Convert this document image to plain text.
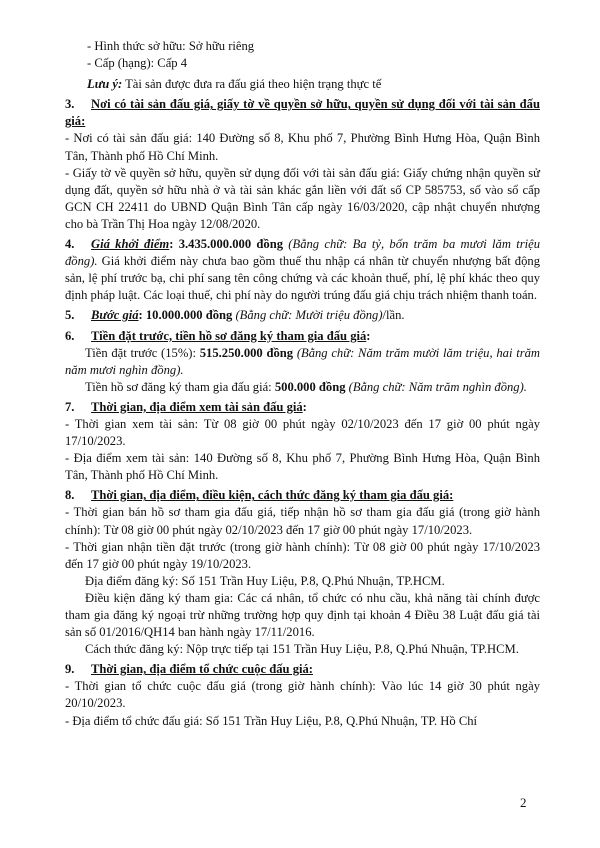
- Hình thức sở hữu: Sở hữu riêng

- Cấp (hạng): Cấp 4

Lưu ý: Tài sản được đưa ra đấu giá theo hiện trạng thực tế

3. Nơi có tài sản đấu giá, giấy tờ về quyền sở hữu, quyền sử dụng đối với tài sản đấu giá:

- Nơi có tài sản đấu giá: 140 Đường số 8, Khu phố 7, Phường Bình Hưng Hòa, Quận Bình Tân, Thành phố Hồ Chí Minh.

- Giấy tờ về quyền sở hữu, quyền sử dụng đối với tài sản đấu giá: Giấy chứng nhận quyền sử dụng đất, quyền sở hữu nhà ở và tài sản khác gắn liền với đất số CP 585753, số vào sổ cấp GCN CH 22411 do UBND Quận Bình Tân cấp ngày 16/03/2020, cập nhật chuyển nhượng cho bà Trần Thị Hoa ngày 12/08/2020.

4. Giá khởi điểm: 3.435.000.000 đồng (Bằng chữ: Ba tỷ, bốn trăm ba mươi lăm triệu đồng). Giá khởi điểm này chưa bao gồm thuế thu nhập cá nhân từ chuyển nhượng bất động sản, lệ phí trước bạ, chi phí sang tên công chứng và các khoản thuế, phí, lệ phí khác theo quy định pháp luật. Các loại thuế, chi phí này do người trúng đấu giá chịu trách nhiệm thanh toán.

5. Bước giá: 10.000.000 đồng (Bằng chữ: Mười triệu đồng)/lần.

6. Tiền đặt trước, tiền hồ sơ đăng ký tham gia đấu giá:

Tiền đặt trước (15%): 515.250.000 đồng (Bằng chữ: Năm trăm mười lăm triệu, hai trăm năm mươi nghìn đồng).

Tiền hồ sơ đăng ký tham gia đấu giá: 500.000 đồng (Bằng chữ: Năm trăm nghìn đồng).

7. Thời gian, địa điểm xem tài sản đấu giá:

- Thời gian xem tài sản: Từ 08 giờ 00 phút ngày 02/10/2023 đến 17 giờ 00 phút ngày 17/10/2023.

- Địa điểm xem tài sản: 140 Đường số 8, Khu phố 7, Phường Bình Hưng Hòa, Quận Bình Tân, Thành phố Hồ Chí Minh.

8. Thời gian, địa điểm, điều kiện, cách thức đăng ký tham gia đấu giá:

- Thời gian bán hồ sơ tham gia đấu giá, tiếp nhận hồ sơ tham gia đấu giá (trong giờ hành chính): Từ 08 giờ 00 phút ngày 02/10/2023 đến 17 giờ 00 phút ngày 17/10/2023.

- Thời gian nhận tiền đặt trước (trong giờ hành chính): Từ 08 giờ 00 phút ngày 17/10/2023 đến 17 giờ 00 phút ngày 19/10/2023.

Địa điểm đăng ký: Số 151 Trần Huy Liệu, P.8, Q.Phú Nhuận, TP.HCM.

Điều kiện đăng ký tham gia: Các cá nhân, tổ chức có nhu cầu, khả năng tài chính được tham gia đăng ký ngoại trừ những trường hợp quy định tại khoản 4 Điều 38 Luật đấu giá tài sản số 01/2016/QH14 ban hành ngày 17/11/2016.

Cách thức đăng ký: Nộp trực tiếp tại 151 Trần Huy Liệu, P.8, Q.Phú Nhuận, TP.HCM.

9. Thời gian, địa điểm tổ chức cuộc đấu giá:

- Thời gian tổ chức cuộc đấu giá (trong giờ hành chính): Vào lúc 14 giờ 30 phút ngày 20/10/2023.

- Địa điểm tổ chức đấu giá: Số 151 Trần Huy Liệu, P.8, Q.Phú Nhuận, TP. Hồ Chí

2
